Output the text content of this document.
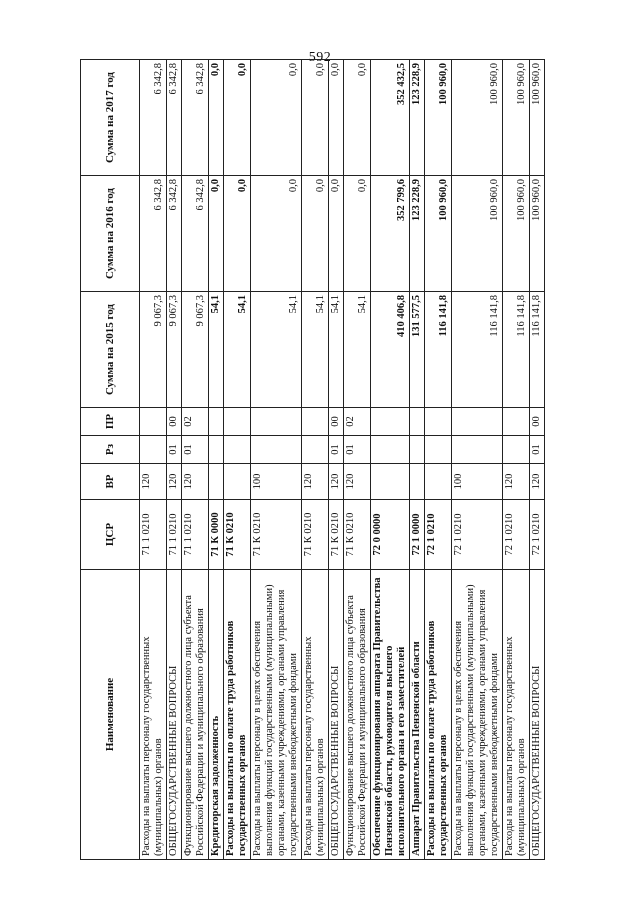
592
Наименование	ЦСР	ВР	Рз	ПР	Сумма на 2015 год	Сумма на 2016 год	Сумма на 2017 год
Расходы на выплаты персоналу государственных (муниципальных) органов	71 1 0210	120			9 067,3	6 342,8	6 342,8
ОБЩЕГОСУДАРСТВЕННЫЕ ВОПРОСЫ	71 1 0210	120	01	00	9 067,3	6 342,8	6 342,8
Функционирование высшего должностного лица субъекта Российской Федерации и муниципального образования	71 1 0210	120	01	02	9 067,3	6 342,8	6 342,8
Кредиторская задолженность	71 К 0000				54,1	0,0	0,0
Расходы на выплаты по оплате труда работников государственных органов	71 К 0210				54,1	0,0	0,0
Расходы на выплаты персоналу в целях обеспечения выполнения функций государственными (муниципальными) органами, казенными учреждениями, органами управления государственными внебюджетными фондами	71 К 0210	100			54,1	0,0	0,0
Расходы на выплаты персоналу государственных (муниципальных) органов	71 К 0210	120			54,1	0,0	0,0
ОБЩЕГОСУДАРСТВЕННЫЕ ВОПРОСЫ	71 К 0210	120	01	00	54,1	0,0	0,0
Функционирование высшего должностного лица субъекта Российской Федерации и муниципального образования	71 К 0210	120	01	02	54,1	0,0	0,0
Обеспечение функционирования аппарата Правительства Пензенской области, руководителя высшего исполнительного органа и его заместителей	72 0 0000				410 406,8	352 799,6	352 432,5
Аппарат Правительства Пензенской области	72 1 0000				131 577,5	123 228,9	123 228,9
Расходы на выплаты по оплате труда работников государственных органов	72 1 0210				116 141,8	100 960,0	100 960,0
Расходы на выплаты персоналу в целях обеспечения выполнения функций государственными (муниципальными) органами, казенными учреждениями, органами управления государственными внебюджетными фондами	72 1 0210	100			116 141,8	100 960,0	100 960,0
Расходы на выплаты персоналу государственных (муниципальных) органов	72 1 0210	120			116 141,8	100 960,0	100 960,0
ОБЩЕГОСУДАРСТВЕННЫЕ ВОПРОСЫ	72 1 0210	120	01	00	116 141,8	100 960,0	100 960,0
